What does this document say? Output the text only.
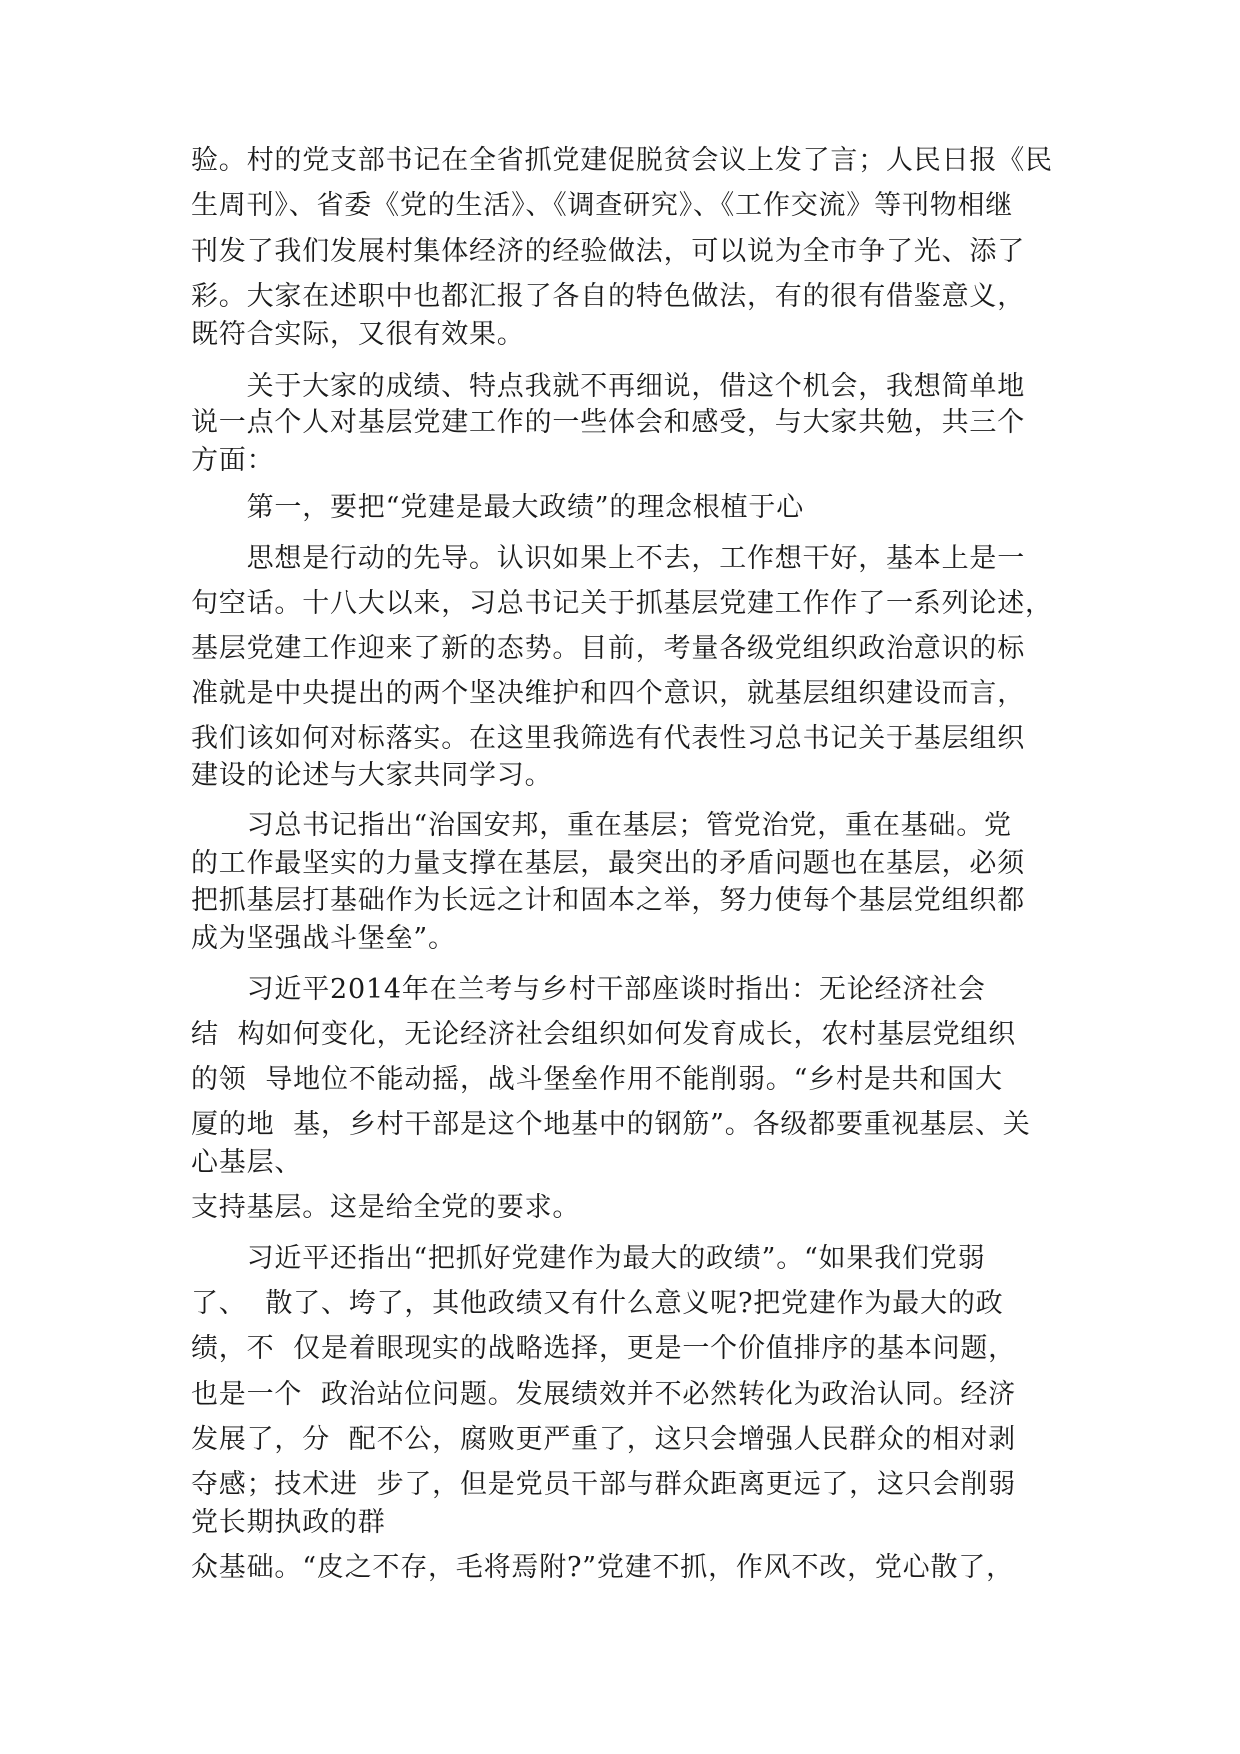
验。村的党支部书记在全省抓党建促脱贫会议上发了言；人民日报《民
生周刊》、省委《党的生活》、《调查研究》、《工作交流》等刊物相继
刊发了我们发展村集体经济的经验做法，可以说为全市争了光、添了
彩。大家在述职中也都汇报了各自的特色做法，有的很有借鉴意义，
既符合实际，又很有效果。
　　关于大家的成绩、特点我就不再细说，借这个机会，我想简单地
说一点个人对基层党建工作的一些体会和感受，与大家共勉，共三个
方面：
　　第一，要把“党建是最大政绩”的理念根植于心
　　思想是行动的先导。认识如果上不去，工作想干好，基本上是一
句空话。十八大以来，习总书记关于抓基层党建工作作了一系列论述，
基层党建工作迎来了新的态势。目前，考量各级党组织政治意识的标
准就是中央提出的两个坚决维护和四个意识，就基层组织建设而言，
我们该如何对标落实。在这里我筛选有代表性习总书记关于基层组织
建设的论述与大家共同学习。
　　习总书记指出“治国安邦，重在基层；管党治党，重在基础。党
的工作最坚实的力量支撑在基层，最突出的矛盾问题也在基层，必须
把抓基层打基础作为长远之计和固本之举，努力使每个基层党组织都
成为坚强战斗堡垒”。
　　习近平2014年在兰考与乡村干部座谈时指出：无论经济社会
结  构如何变化，无论经济社会组织如何发育成长，农村基层党组织
的领  导地位不能动摇，战斗堡垒作用不能削弱。“乡村是共和国大
厦的地  基，乡村干部是这个地基中的钢筋”。各级都要重视基层、关
心基层、
支持基层。这是给全党的要求。
　　习近平还指出“把抓好党建作为最大的政绩”。“如果我们党弱
了、  散了、垮了，其他政绩又有什么意义呢?把党建作为最大的政
绩，不  仅是着眼现实的战略选择，更是一个价值排序的基本问题，
也是一个  政治站位问题。发展绩效并不必然转化为政治认同。经济
发展了，分  配不公，腐败更严重了，这只会增强人民群众的相对剥
夺感；技术进  步了，但是党员干部与群众距离更远了，这只会削弱
党长期执政的群
众基础。“皮之不存，毛将焉附?”党建不抓，作风不改，党心散了，
